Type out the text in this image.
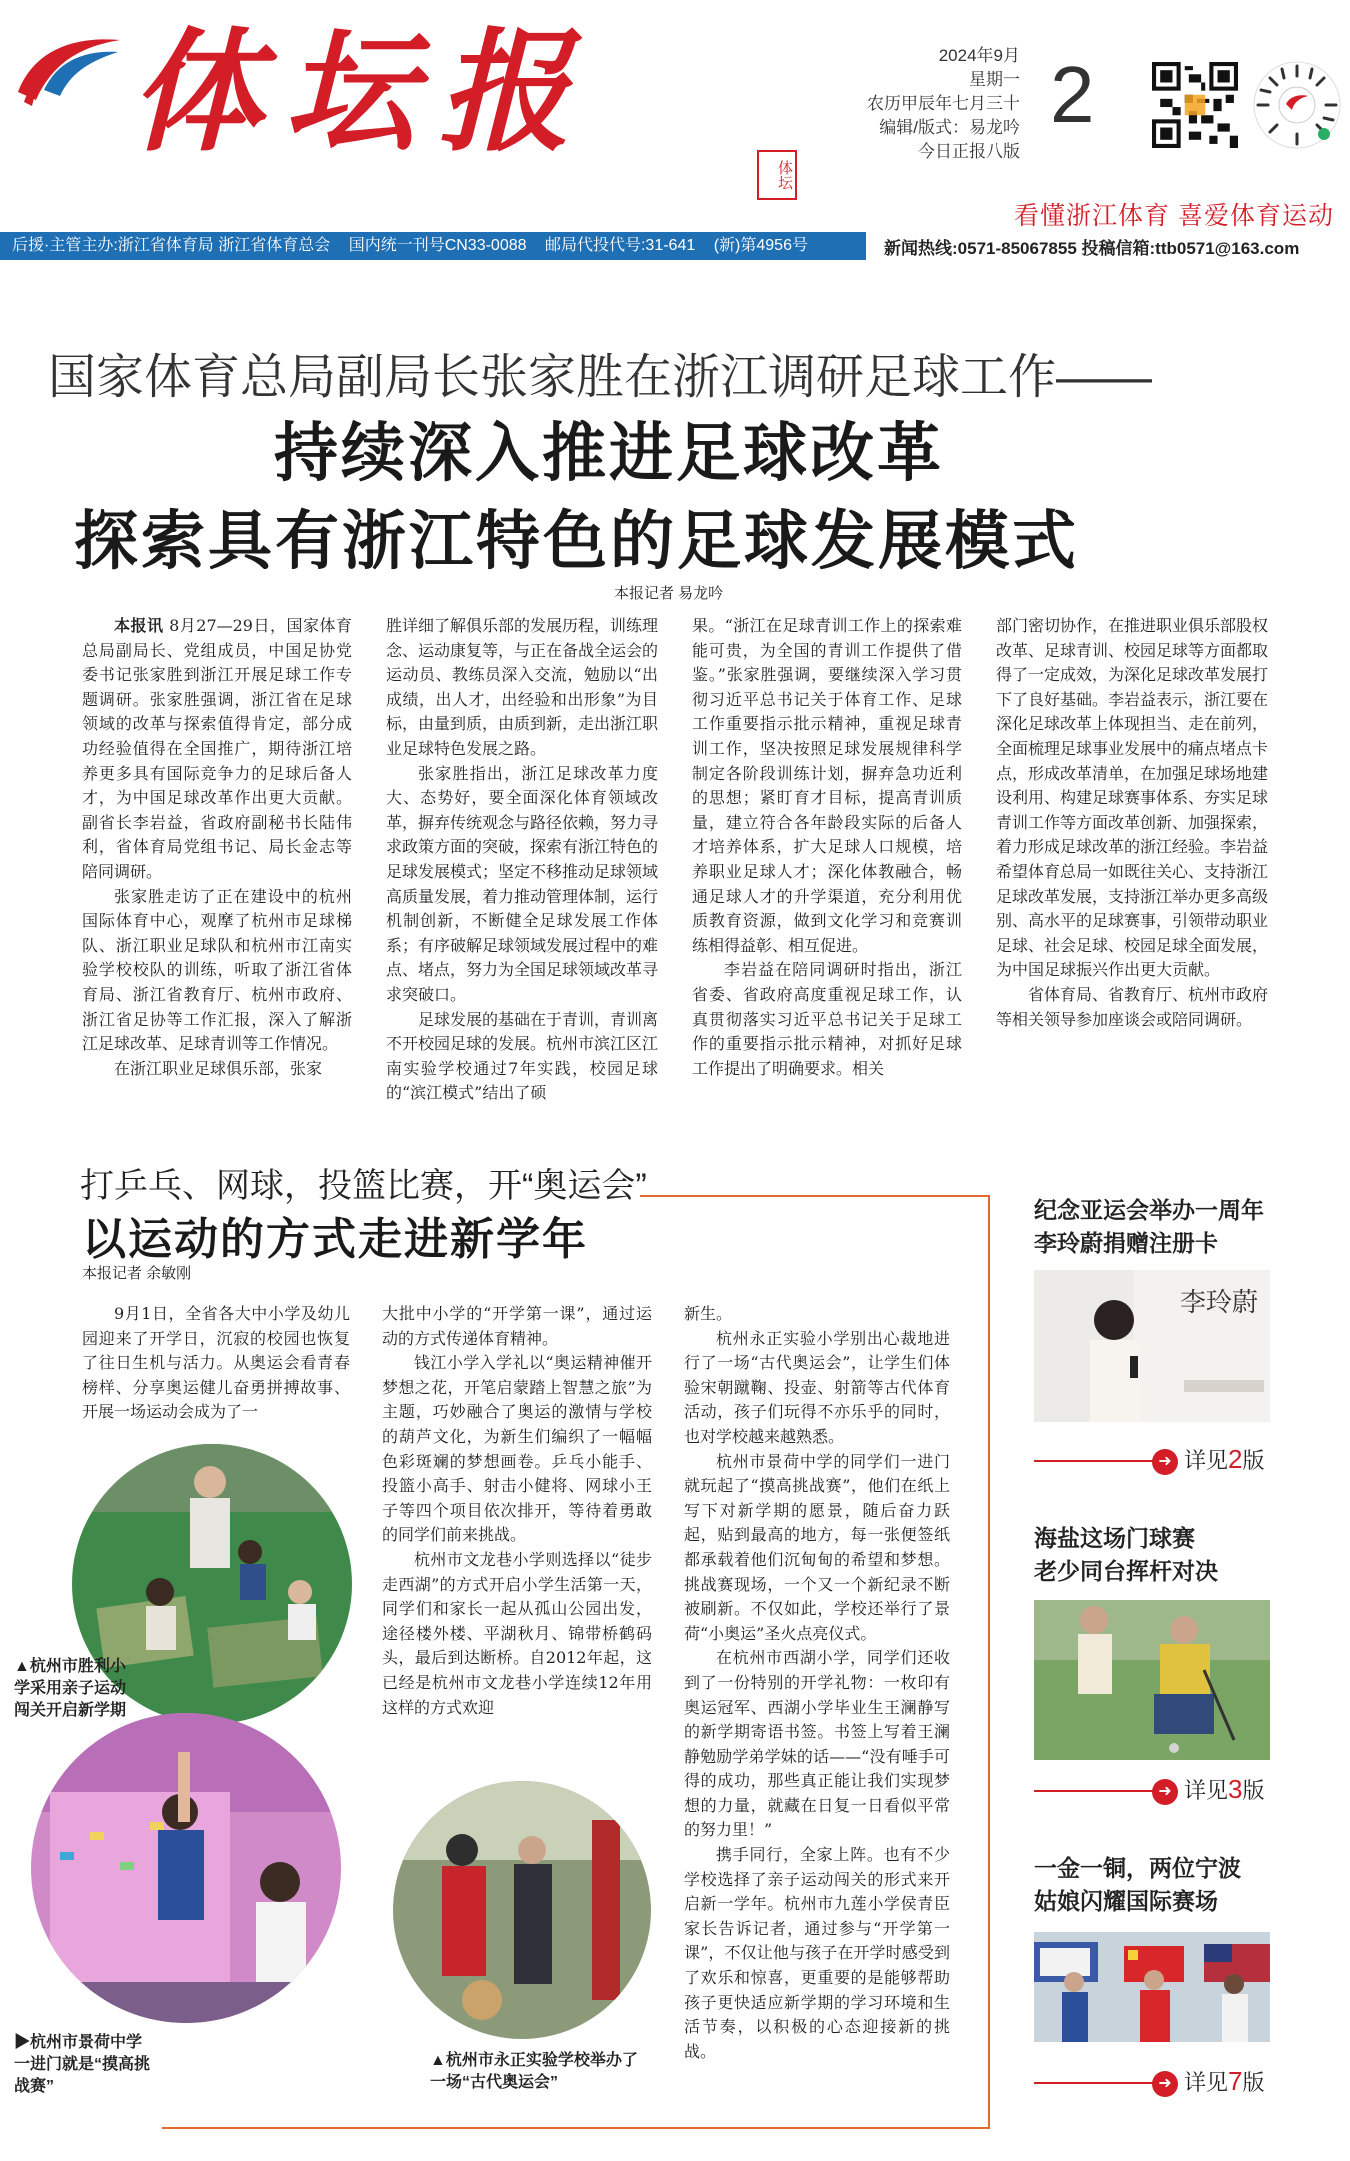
体坛报
体坛
2024年9月
星期一
农历甲辰年七月三十
编辑/版式：易龙吟
今日正报八版
2
看懂浙江体育 喜爱体育运动
后援·主管主办:浙江省体育局 浙江省体育总会 国内统一刊号CN33-0088 邮局代投代号:31-641 (新)第4956号	新闻热线:0571-85067855 投稿信箱:ttb0571@163.com
国家体育总局副局长张家胜在浙江调研足球工作——
持续深入推进足球改革
探索具有浙江特色的足球发展模式
本报记者 易龙吟

本报讯 8月27—29日，国家体育总局副局长、党组成员，中国足协党委书记张家胜到浙江开展足球工作专题调研。张家胜强调，浙江省在足球领域的改革与探索值得肯定，部分成功经验值得在全国推广，期待浙江培养更多具有国际竞争力的足球后备人才，为中国足球改革作出更大贡献。副省长李岩益，省政府副秘书长陆伟利，省体育局党组书记、局长金志等陪同调研。

张家胜走访了正在建设中的杭州国际体育中心，观摩了杭州市足球梯队、浙江职业足球队和杭州市江南实验学校校队的训练，听取了浙江省体育局、浙江省教育厅、杭州市政府、浙江省足协等工作汇报，深入了解浙江足球改革、足球青训等工作情况。

在浙江职业足球俱乐部，张家

胜详细了解俱乐部的发展历程，训练理念、运动康复等，与正在备战全运会的运动员、教练员深入交流，勉励以“出成绩，出人才，出经验和出形象”为目标，由量到质，由质到新，走出浙江职业足球特色发展之路。

张家胜指出，浙江足球改革力度大、态势好，要全面深化体育领域改革，摒弃传统观念与路径依赖，努力寻求政策方面的突破，探索有浙江特色的足球发展模式；坚定不移推动足球领域高质量发展，着力推动管理体制，运行机制创新，不断健全足球发展工作体系；有序破解足球领域发展过程中的难点、堵点，努力为全国足球领域改革寻求突破口。

足球发展的基础在于青训，青训离不开校园足球的发展。杭州市滨江区江南实验学校通过7年实践，校园足球的“滨江模式”结出了硕

果。“浙江在足球青训工作上的探索难能可贵，为全国的青训工作提供了借鉴。”张家胜强调，要继续深入学习贯彻习近平总书记关于体育工作、足球工作重要指示批示精神，重视足球青训工作，坚决按照足球发展规律科学制定各阶段训练计划，摒弃急功近利的思想；紧盯育才目标，提高青训质量，建立符合各年龄段实际的后备人才培养体系，扩大足球人口规模，培养职业足球人才；深化体教融合，畅通足球人才的升学渠道，充分利用优质教育资源，做到文化学习和竞赛训练相得益彰、相互促进。

李岩益在陪同调研时指出，浙江省委、省政府高度重视足球工作，认真贯彻落实习近平总书记关于足球工作的重要指示批示精神，对抓好足球工作提出了明确要求。相关

部门密切协作，在推进职业俱乐部股权改革、足球青训、校园足球等方面都取得了一定成效，为深化足球改革发展打下了良好基础。李岩益表示，浙江要在深化足球改革上体现担当、走在前列，全面梳理足球事业发展中的痛点堵点卡点，形成改革清单，在加强足球场地建设利用、构建足球赛事体系、夯实足球青训工作等方面改革创新、加强探索，着力形成足球改革的浙江经验。李岩益希望体育总局一如既往关心、支持浙江足球改革发展，支持浙江举办更多高级别、高水平的足球赛事，引领带动职业足球、社会足球、校园足球全面发展，为中国足球振兴作出更大贡献。

省体育局、省教育厅、杭州市政府等相关领导参加座谈会或陪同调研。

打乒乓、网球，投篮比赛，开“奥运会”
以运动的方式走进新学年
本报记者 余敏刚

9月1日，全省各大中小学及幼儿园迎来了开学日，沉寂的校园也恢复了往日生机与活力。从奥运会看青春榜样、分享奥运健儿奋勇拼搏故事、开展一场运动会成为了一

大批中小学的“开学第一课”，通过运动的方式传递体育精神。

钱江小学入学礼以“奥运精神催开梦想之花，开笔启蒙踏上智慧之旅”为主题，巧妙融合了奥运的激情与学校的葫芦文化，为新生们编织了一幅幅色彩斑斓的梦想画卷。乒乓小能手、投篮小高手、射击小健将、网球小王子等四个项目依次排开，等待着勇敢的同学们前来挑战。

杭州市文龙巷小学则选择以“徒步走西湖”的方式开启小学生活第一天，同学们和家长一起从孤山公园出发，途径楼外楼、平湖秋月、锦带桥鹤码头，最后到达断桥。自2012年起，这已经是杭州市文龙巷小学连续12年用这样的方式欢迎

新生。

杭州永正实验小学别出心裁地进行了一场“古代奥运会”，让学生们体验宋朝蹴鞠、投壶、射箭等古代体育活动，孩子们玩得不亦乐乎的同时，也对学校越来越熟悉。

杭州市景荷中学的同学们一进门就玩起了“摸高挑战赛”，他们在纸上写下对新学期的愿景，随后奋力跃起，贴到最高的地方，每一张便签纸都承载着他们沉甸甸的希望和梦想。挑战赛现场，一个又一个新纪录不断被刷新。不仅如此，学校还举行了景荷“小奥运”圣火点亮仪式。

在杭州市西湖小学，同学们还收到了一份特别的开学礼物：一枚印有奥运冠军、西湖小学毕业生王澜静写的新学期寄语书签。书签上写着王澜静勉励学弟学妹的话——“没有唾手可得的成功，那些真正能让我们实现梦想的力量，就藏在日复一日看似平常的努力里！”

携手同行，全家上阵。也有不少学校选择了亲子运动闯关的形式来开启新一学年。杭州市九莲小学侯青臣家长告诉记者，通过参与“开学第一课”，不仅让他与孩子在开学时感受到了欢乐和惊喜，更重要的是能够帮助孩子更快适应新学期的学习环境和生活节奏，以积极的心态迎接新的挑战。

▲杭州市胜利小学采用亲子运动闯关开启新学期
▶杭州市景荷中学一进门就是“摸高挑战赛”
▲杭州市永正实验学校举办了一场“古代奥运会”
纪念亚运会举办一周年
李玲蔚捐赠注册卡
李玲蔚
➜ 详见2版
海盐这场门球赛
老少同台挥杆对决
➜ 详见3版
一金一铜，两位宁波
姑娘闪耀国际赛场
➜ 详见7版
